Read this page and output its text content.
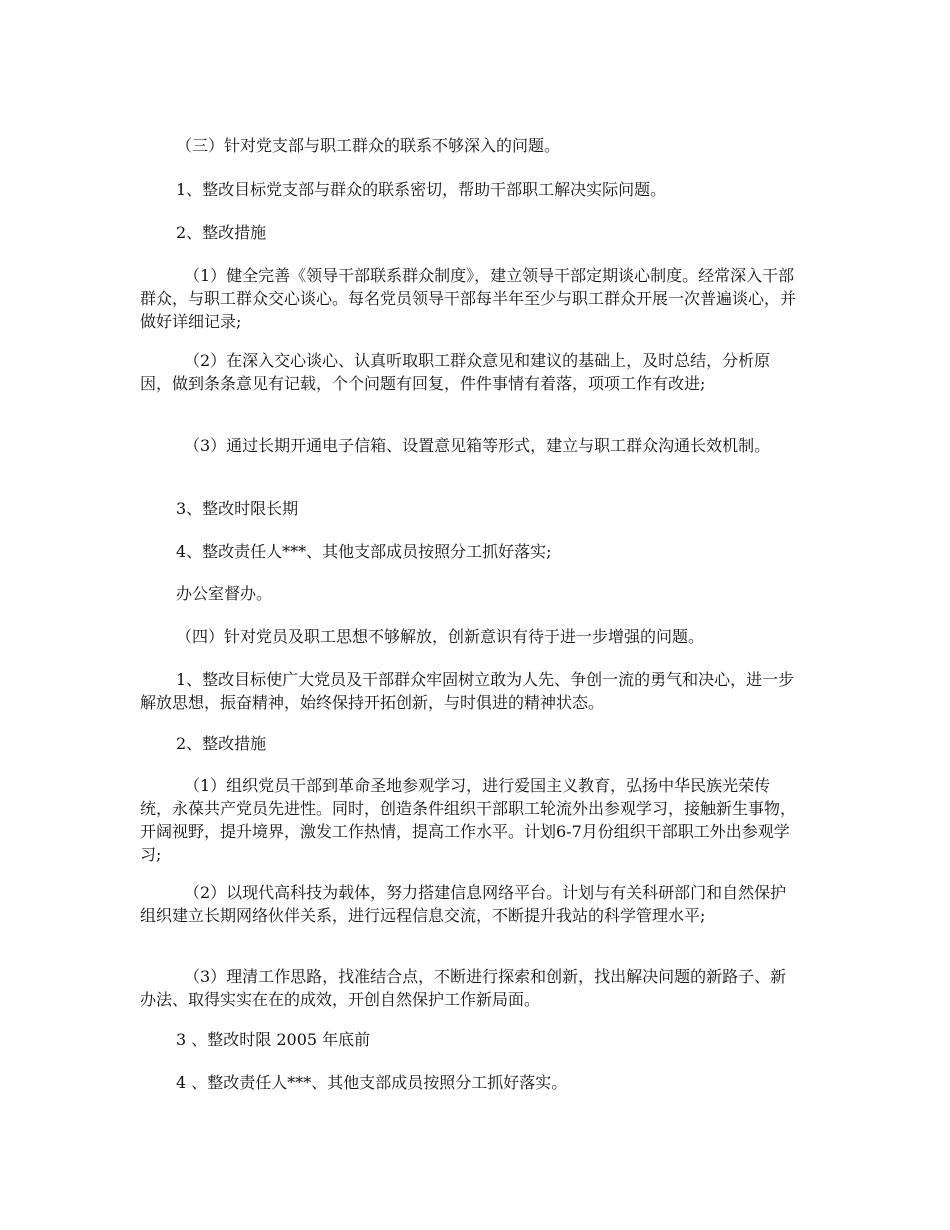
（三）针对党支部与职工群众的联系不够深入的问题。

1、整改目标党支部与群众的联系密切，帮助干部职工解决实际问题。

2、整改措施

（1）健全完善《领导干部联系群众制度》，建立领导干部定期谈心制度。经常深入干部群众，与职工群众交心谈心。每名党员领导干部每半年至少与职工群众开展一次普遍谈心，并做好详细记录;

（2）在深入交心谈心、认真听取职工群众意见和建议的基础上，及时总结，分析原因，做到条条意见有记载，个个问题有回复，件件事情有着落，项项工作有改进;

（3）通过长期开通电子信箱、设置意见箱等形式，建立与职工群众沟通长效机制。

3、整改时限长期

4、整改责任人***、其他支部成员按照分工抓好落实;

办公室督办。

（四）针对党员及职工思想不够解放，创新意识有待于进一步增强的问题。

1、整改目标使广大党员及干部群众牢固树立敢为人先、争创一流的勇气和决心，进一步解放思想，振奋精神，始终保持开拓创新，与时俱进的精神状态。

2、整改措施

（1）组织党员干部到革命圣地参观学习，进行爱国主义教育，弘扬中华民族光荣传统，永葆共产党员先进性。同时，创造条件组织干部职工轮流外出参观学习，接触新生事物，开阔视野，提升境界，激发工作热情，提高工作水平。计划6-7月份组织干部职工外出参观学习;

（2）以现代高科技为载体，努力搭建信息网络平台。计划与有关科研部门和自然保护组织建立长期网络伙伴关系，进行远程信息交流，不断提升我站的科学管理水平;

（3）理清工作思路，找准结合点，不断进行探索和创新，找出解决问题的新路子、新办法、取得实实在在的成效，开创自然保护工作新局面。

3 、整改时限 2005 年底前

4 、整改责任人***、其他支部成员按照分工抓好落实。
